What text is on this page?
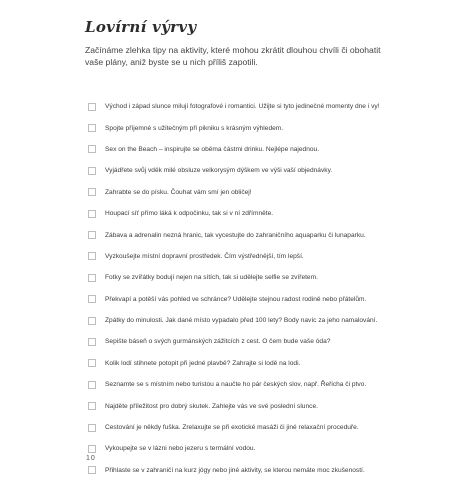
Lovírní výrvy
Začínáme zlehka tipy na aktivity, které mohou zkrátit dlouhou chvíli či obohatit vaše plány, aniž byste se u nich příliš zapotili.
Východ i západ slunce milují fotografové i romantici. Užijte si tyto jedinečné momenty dne i vy!
Spojte příjemné s užitečným při pikniku s krásným výhledem.
Sex on the Beach – inspirujte se oběma částmi drinku. Nejlépe najednou.
Vyjádřete svůj vděk milé obsluze velkorysým dýškem ve výši vaší objednávky.
Zahrabte se do písku. Čouhat vám smí jen obličej!
Houpací síť přímo láká k odpočinku, tak si v ní zdřímněte.
Zábava a adrenalin nezná hranic, tak vycestujte do zahraničního aquaparku či lunaparku.
Vyzkoušejte místní dopravní prostředek. Čím výstřednější, tím lepší.
Fotky se zvířátky bodují nejen na sítích, tak si udělejte selfie se zvířetem.
Překvapí a potěší vás pohled ve schránce? Udělejte stejnou radost rodině nebo přátelům.
Zpátky do minulosti. Jak dané místo vypadalo před 100 lety? Body navíc za jeho namalování.
Sepište báseň o svých gurmánských zážitcích z cest. O čem bude vaše óda?
Kolik lodí stihnete potopit při jedné plavbě? Zahrajte si lodě na lodi.
Seznamte se s místním nebo turistou a naučte ho pár českých slov, např. Řeřicha či ptvo.
Najděte příležitost pro dobrý skutek. Zahlejte vás ve své poslední slunce.
Cestování je někdy fuška. Zrelaxujte se při exotické masáži či jiné relaxační proceduře.
Vykoupejte se v lázni nebo jezeru s termální vodou.
Přihlaste se v zahraničí na kurz jógy nebo jiné aktivity, se kterou nemáte moc zkušeností.
10
